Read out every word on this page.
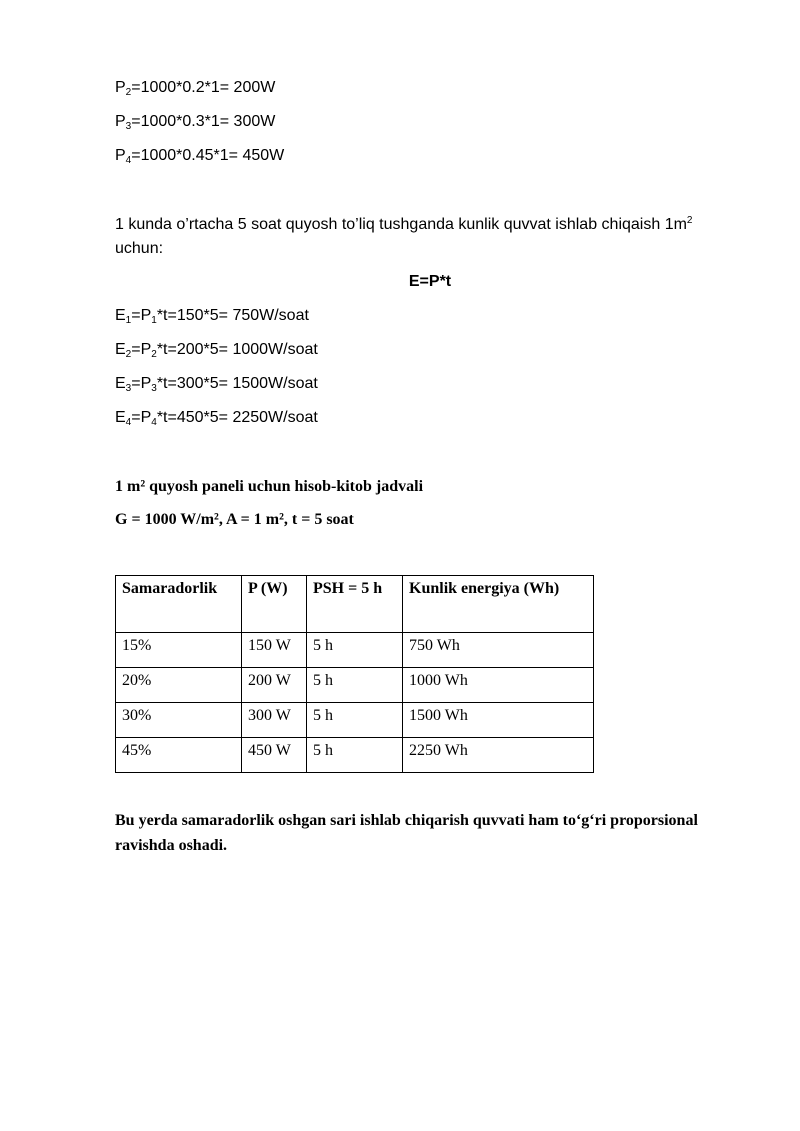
$P_2=1000*0.2*1= 200W$
$P_3=1000*0.3*1= 300W$
$P_4=1000*0.45*1= 450W$
1 kunda o’rtacha 5 soat quyosh to’liq tushganda kunlik quvvat ishlab chiqaish $1m^2$
uchun:
E=P*t
$E_1=P_1*t=150*5=$ 750W/soat
$E_2=P_2*t=200*5=$ 1000W/soat
$E_3=P_3*t=300*5=$ 1500W/soat
$E_4=P_4*t=450*5=$ 2250W/soat
1 m² quyosh paneli uchun hisob-kitob jadvali
G = 1000 W/m², A = 1 m², t = 5 soat
Samaradorlik	P (W)	PSH = 5 h	Kunlik energiya (Wh)
15%	150 W	5 h	750 Wh
20%	200 W	5 h	1000 Wh
30%	300 W	5 h	1500 Wh
45%	450 W	5 h	2250 Wh
Bu yerda samaradorlik oshgan sari ishlab chiqarish quvvati ham to‘g‘ri proporsional ravishda oshadi.
